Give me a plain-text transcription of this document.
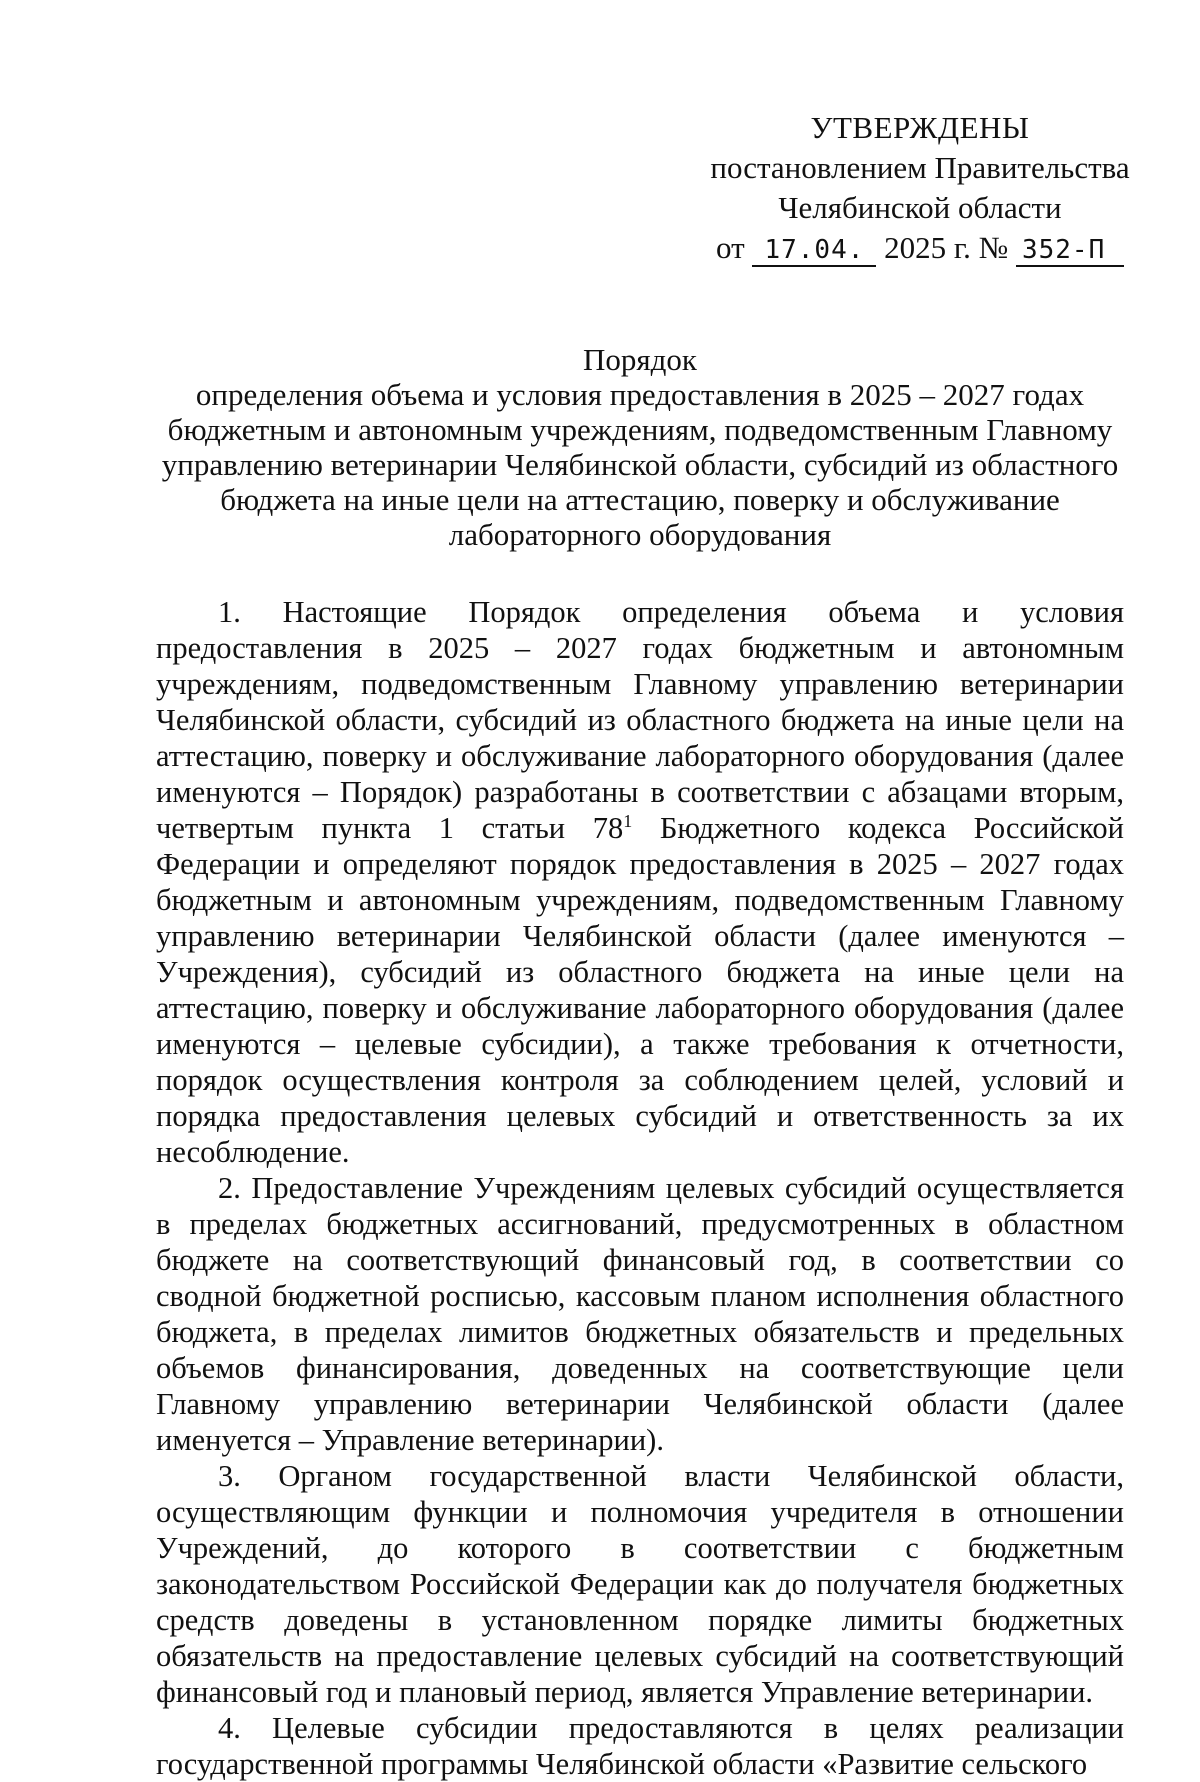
УТВЕРЖДЕНЫ
постановлением Правительства
Челябинской области
от 17.04. 2025 г. № 352-П
Порядок
определения объема и условия предоставления в 2025 – 2027 годах бюджетным и автономным учреждениям, подведомственным Главному управлению ветеринарии Челябинской области, субсидий из областного бюджета на иные цели на аттестацию, поверку и обслуживание лабораторного оборудования

1. Настоящие Порядок определения объема и условия предоставления в 2025 – 2027 годах бюджетным и автономным учреждениям, подведомственным Главному управлению ветеринарии Челябинской области, субсидий из областного бюджета на иные цели на аттестацию, поверку и обслуживание лабораторного оборудования (далее именуются – Порядок) разработаны в соответствии с абзацами вторым, четвертым пункта 1 статьи $78^1$ Бюджетного кодекса Российской Федерации и определяют порядок предоставления в 2025 – 2027 годах бюджетным и автономным учреждениям, подведомственным Главному управлению ветеринарии Челябинской области (далее именуются – Учреждения), субсидий из областного бюджета на иные цели на аттестацию, поверку и обслуживание лабораторного оборудования (далее именуются – целевые субсидии), а также требования к отчетности, порядок осуществления контроля за соблюдением целей, условий и порядка предоставления целевых субсидий и ответственность за их несоблюдение.

2. Предоставление Учреждениям целевых субсидий осуществляется в пределах бюджетных ассигнований, предусмотренных в областном бюджете на соответствующий финансовый год, в соответствии со сводной бюджетной росписью, кассовым планом исполнения областного бюджета, в пределах лимитов бюджетных обязательств и предельных объемов финансирования, доведенных на соответствующие цели Главному управлению ветеринарии Челябинской области (далее именуется – Управление ветеринарии).

3. Органом государственной власти Челябинской области, осуществляющим функции и полномочия учредителя в отношении Учреждений, до которого в соответствии с бюджетным законодательством Российской Федерации как до получателя бюджетных средств доведены в установленном порядке лимиты бюджетных обязательств на предоставление целевых субсидий на соответствующий финансовый год и плановый период, является Управление ветеринарии.

4. Целевые субсидии предоставляются в целях реализации государственной программы Челябинской области «Развитие сельского
